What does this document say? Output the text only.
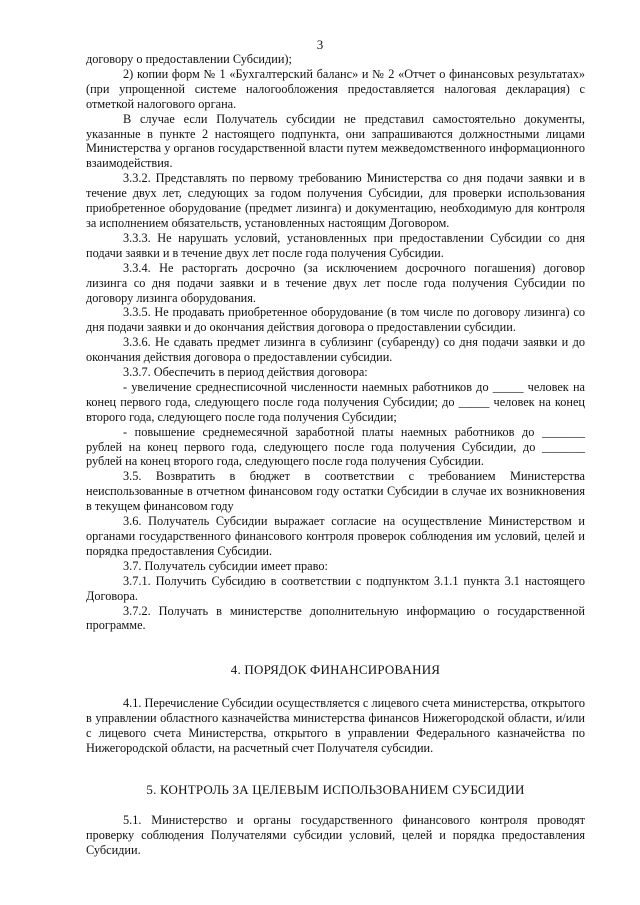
3

договору о предоставлении Субсидии);

2) копии форм № 1 «Бухгалтерский баланс» и № 2 «Отчет о финансовых результатах» (при упрощенной системе налогообложения предоставляется налоговая декларация) с отметкой налогового органа.

В случае если Получатель субсидии не представил самостоятельно документы, указанные в пункте 2 настоящего подпункта, они запрашиваются должностными лицами Министерства у органов государственной власти путем межведомственного информационного взаимодействия.

3.3.2. Представлять по первому требованию Министерства со дня подачи заявки и в течение двух лет, следующих за годом получения Субсидии, для проверки использования приобретенное оборудование (предмет лизинга) и документацию, необходимую для контроля за исполнением обязательств, установленных настоящим Договором.

3.3.3. Не нарушать условий, установленных при предоставлении Субсидии со дня подачи заявки и в течение двух лет после года получения Субсидии.

3.3.4. Не расторгать досрочно (за исключением досрочного погашения) договор лизинга со дня подачи заявки и в течение двух лет после года получения Субсидии по договору лизинга оборудования.

3.3.5. Не продавать приобретенное оборудование (в том числе по договору лизинга) со дня подачи заявки и до окончания действия договора о предоставлении субсидии.

3.3.6. Не сдавать предмет лизинга в сублизинг (субаренду) со дня подачи заявки и до окончания действия договора о предоставлении субсидии.

3.3.7. Обеспечить в период действия договора:

- увеличение среднесписочной численности наемных работников до _____ человек на конец первого года, следующего после года получения Субсидии; до _____ человек на конец второго года, следующего после года получения Субсидии;

- повышение среднемесячной заработной платы наемных работников до _______ рублей на конец первого года, следующего после года получения Субсидии, до _______ рублей на конец второго года, следующего после года получения Субсидии.

3.5. Возвратить в бюджет в соответствии с требованием Министерства неиспользованные в отчетном финансовом году остатки Субсидии в случае их возникновения в текущем финансовом году

3.6. Получатель Субсидии выражает согласие на осуществление Министерством и органами государственного финансового контроля проверок соблюдения им условий, целей и порядка предоставления Субсидии.

3.7. Получатель субсидии имеет право:

3.7.1. Получить Субсидию в соответствии с подпунктом 3.1.1 пункта 3.1 настоящего Договора.

3.7.2. Получать в министерстве дополнительную информацию о государственной программе.

4. ПОРЯДОК ФИНАНСИРОВАНИЯ

4.1. Перечисление Субсидии осуществляется с лицевого счета министерства, открытого в управлении областного казначейства министерства финансов Нижегородской области, и/или с лицевого счета Министерства, открытого в управлении Федерального казначейства по Нижегородской области, на расчетный счет Получателя субсидии.

5. КОНТРОЛЬ ЗА ЦЕЛЕВЫМ ИСПОЛЬЗОВАНИЕМ СУБСИДИИ

5.1. Министерство и органы государственного финансового контроля проводят проверку соблюдения Получателями субсидии условий, целей и порядка предоставления Субсидии.
